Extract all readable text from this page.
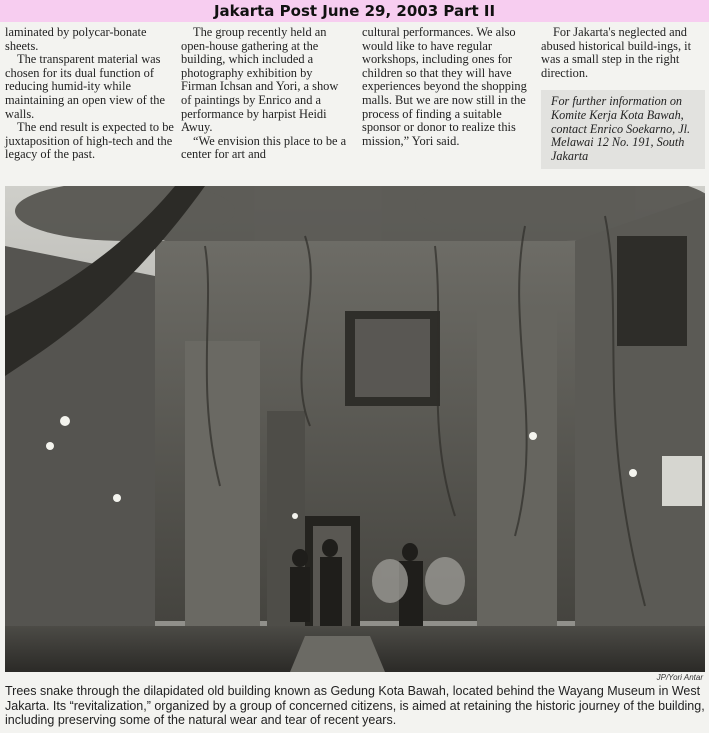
Jakarta Post June 29, 2003 Part II

laminated by polycar-bonate sheets.

The transparent material was chosen for its dual function of reducing humid-ity while maintaining an open view of the walls.

The end result is expected to be juxtaposition of high-tech and the legacy of the past.

The group recently held an open-house gathering at the building, which included a photography exhibition by Firman Ichsan and Yori, a show of paintings by Enrico and a performance by harpist Heidi Awuy.

“We envision this place to be a center for art and

cultural performances. We also would like to have regular workshops, including ones for children so that they will have experiences beyond the shopping malls. But we are now still in the process of finding a suitable sponsor or donor to realize this mission,” Yori said.

For Jakarta's neglected and abused historical build-ings, it was a small step in the right direction.

For further information on Komite Kerja Kota Bawah, contact Enrico Soekarno, Jl. Melawai 12 No. 191, South Jakarta
JP/Yori Antar
Trees snake through the dilapidated old building known as Gedung Kota Bawah, located behind the Wayang Museum in West Jakarta. Its “revitalization,” organized by a group of concerned citizens, is aimed at retaining the historic journey of the building, including preserving some of the natural wear and tear of recent years.
